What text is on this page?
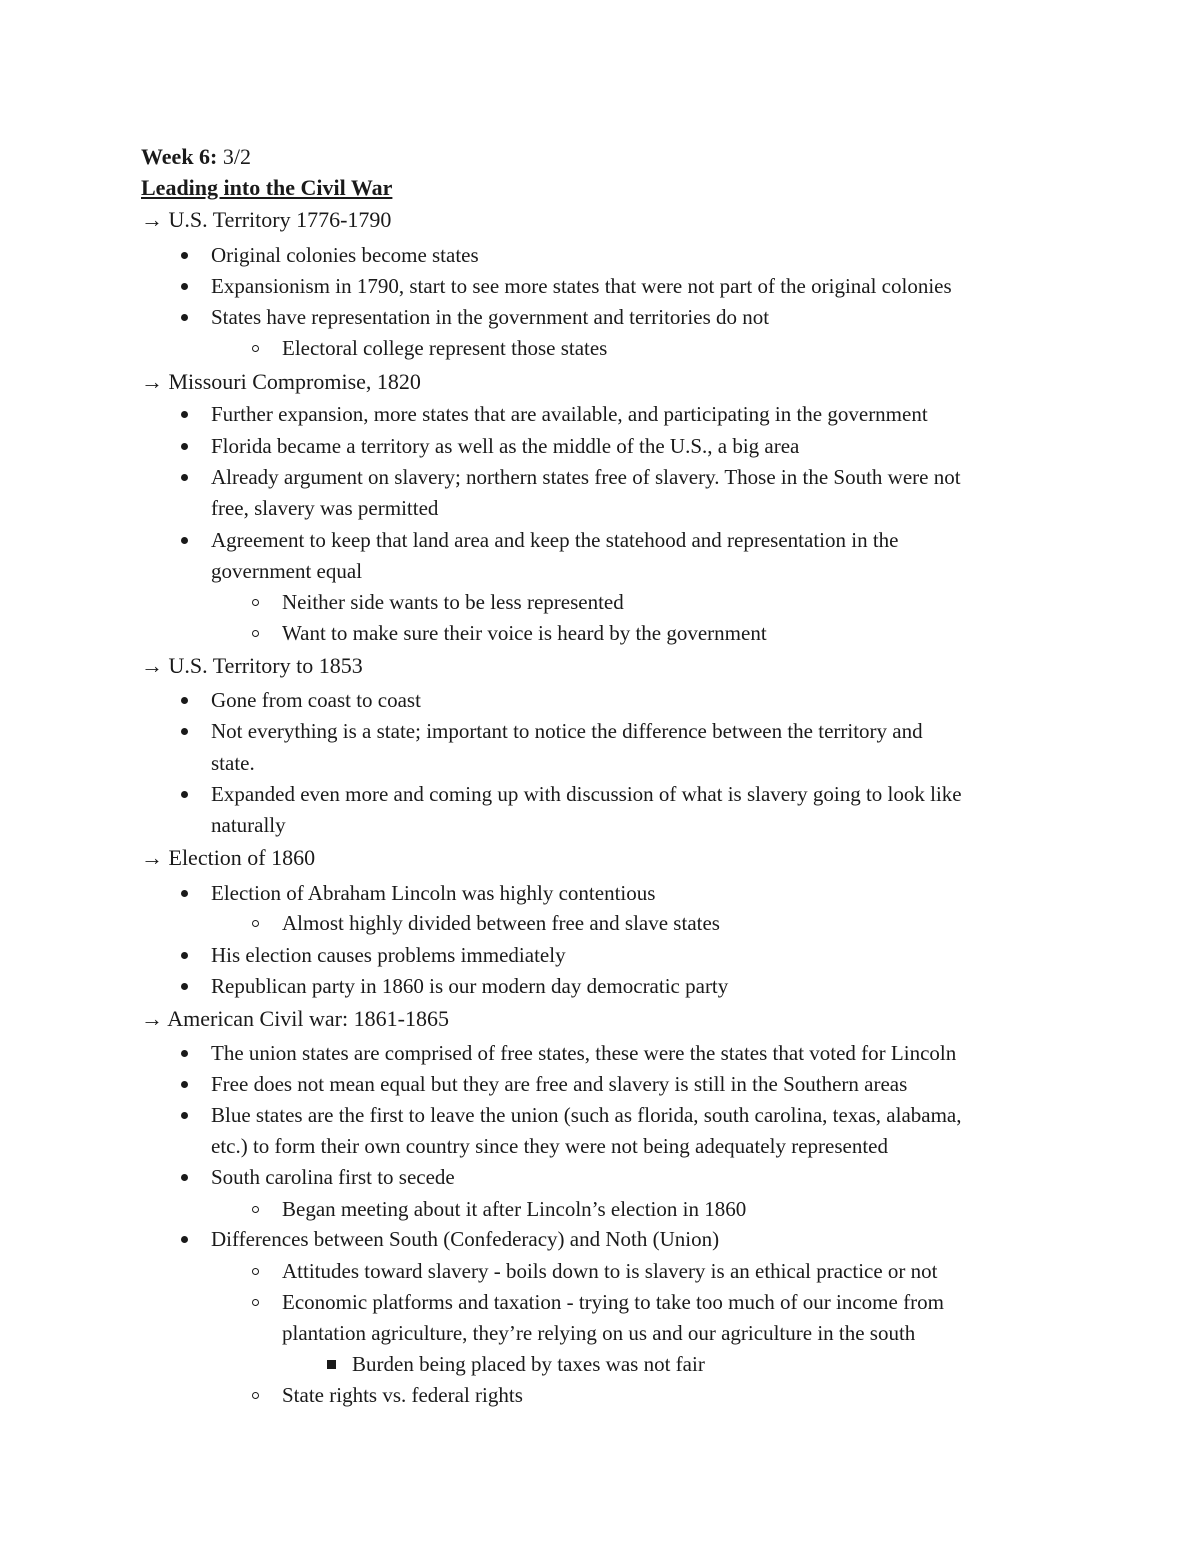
Week 6: 3/2
Leading into the Civil War
→ U.S. Territory 1776-1790
Original colonies become states
Expansionism in 1790, start to see more states that were not part of the original colonies
States have representation in the government and territories do not
Electoral college represent those states
→ Missouri Compromise, 1820
Further expansion, more states that are available, and participating in the government
Florida became a territory as well as the middle of the U.S., a big area
Already argument on slavery; northern states free of slavery. Those in the South were not
free, slavery was permitted
Agreement to keep that land area and keep the statehood and representation in the
government equal
Neither side wants to be less represented
Want to make sure their voice is heard by the government
→ U.S. Territory to 1853
Gone from coast to coast
Not everything is a state; important to notice the difference between the territory and
state.
Expanded even more and coming up with discussion of what is slavery going to look like
naturally
→ Election of 1860
Election of Abraham Lincoln was highly contentious
Almost highly divided between free and slave states
His election causes problems immediately
Republican party in 1860 is our modern day democratic party
→ American Civil war: 1861-1865
The union states are comprised of free states, these were the states that voted for Lincoln
Free does not mean equal but they are free and slavery is still in the Southern areas
Blue states are the first to leave the union (such as florida, south carolina, texas, alabama,
etc.) to form their own country since they were not being adequately represented
South carolina first to secede
Began meeting about it after Lincoln’s election in 1860
Differences between South (Confederacy) and Noth (Union)
Attitudes toward slavery - boils down to is slavery is an ethical practice or not
Economic platforms and taxation - trying to take too much of our income from
plantation agriculture, they’re relying on us and our agriculture in the south
Burden being placed by taxes was not fair
State rights vs. federal rights
